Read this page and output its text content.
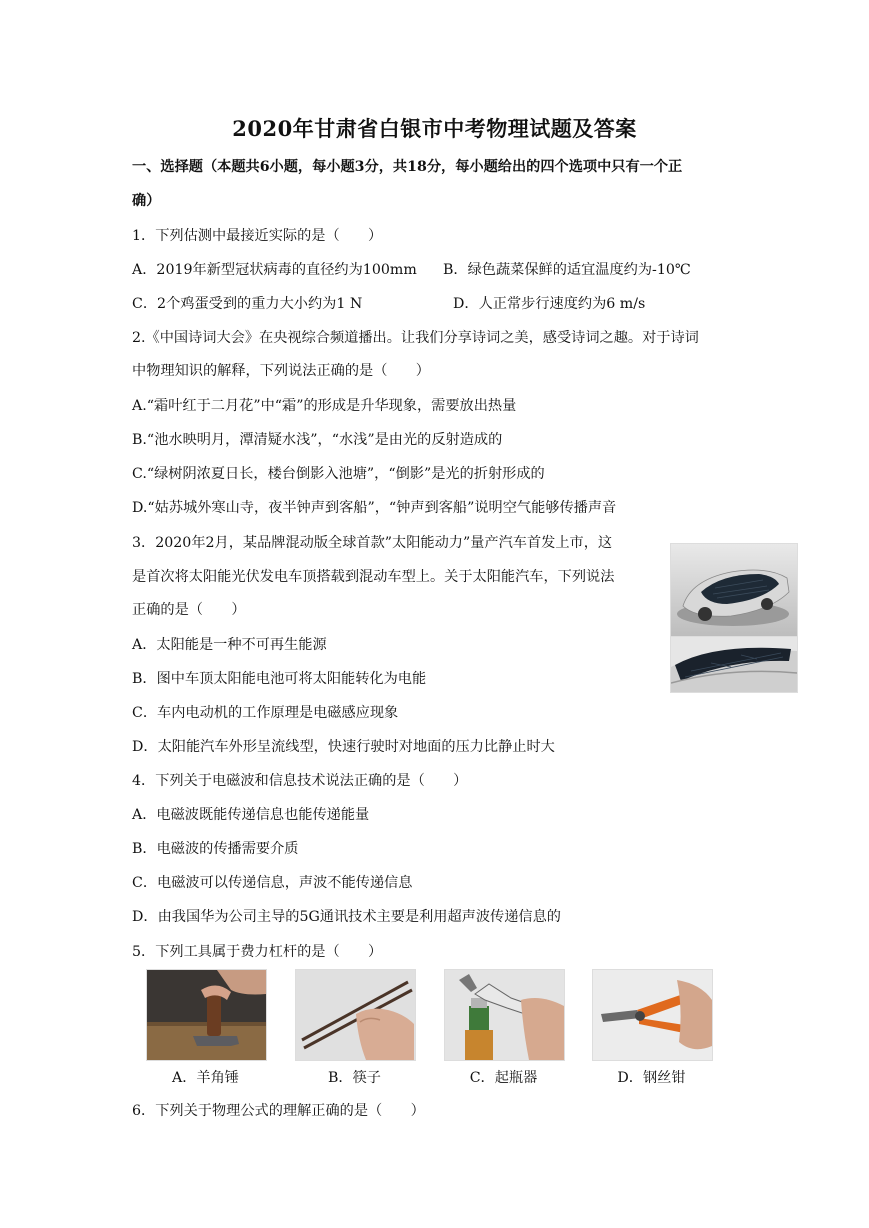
2020年甘肃省白银市中考物理试题及答案
一、选择题（本题共6小题，每小题3分，共18分，每小题给出的四个选项中只有一个正
确）
1．下列估测中最接近实际的是（　　）
A．2019年新型冠状病毒的直径约为100mm B．绿色蔬菜保鲜的适宜温度约为-10℃
C．2个鸡蛋受到的重力大小约为1 N	D．人正常步行速度约为6 m/s
2.《中国诗词大会》在央视综合频道播出。让我们分享诗词之美，感受诗词之趣。对于诗词
中物理知识的解释，下列说法正确的是（　　）
A.“霜叶红于二月花”中“霜”的形成是升华现象，需要放出热量
B.“池水映明月，潭清疑水浅”，“水浅”是由光的反射造成的
C.“绿树阴浓夏日长，楼台倒影入池塘”，“倒影”是光的折射形成的
D.“姑苏城外寒山寺，夜半钟声到客船”，“钟声到客船”说明空气能够传播声音
3．2020年2月，某品牌混动版全球首款”太阳能动力”量产汽车首发上市，这
是首次将太阳能光伏发电车顶搭载到混动车型上。关于太阳能汽车，下列说法
正确的是（　　）
A．太阳能是一种不可再生能源
B．图中车顶太阳能电池可将太阳能转化为电能
C．车内电动机的工作原理是电磁感应现象
D．太阳能汽车外形呈流线型，快速行驶时对地面的压力比静止时大
4．下列关于电磁波和信息技术说法正确的是（　　）
A．电磁波既能传递信息也能传递能量
B．电磁波的传播需要介质
C．电磁波可以传递信息，声波不能传递信息
D．由我国华为公司主导的5G通讯技术主要是利用超声波传递信息的
5．下列工具属于费力杠杆的是（　　）
A．羊角锤	B．筷子	C．起瓶器	D．钢丝钳
6．下列关于物理公式的理解正确的是（　　）
